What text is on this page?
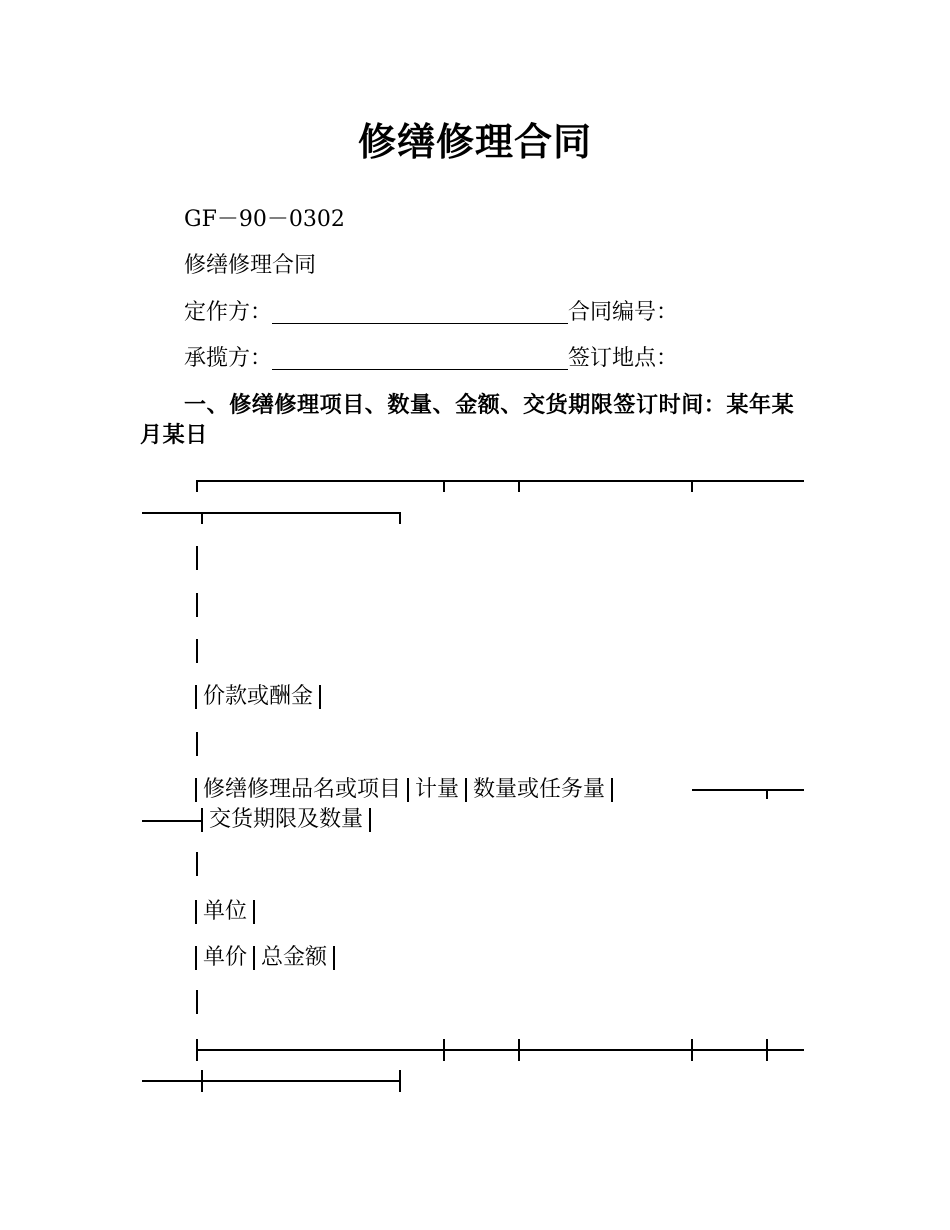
修缮修理合同
GF－90－0302
修缮修理合同
定作方：	合同编号：
承揽方：	签订地点：
一、修缮修理项目、数量、金额、交货期限签订时间：某年某月某日
价款或酬金
修缮修理品名或项目 计量 数量或任务量
交货期限及数量
单位
单价 总金额
